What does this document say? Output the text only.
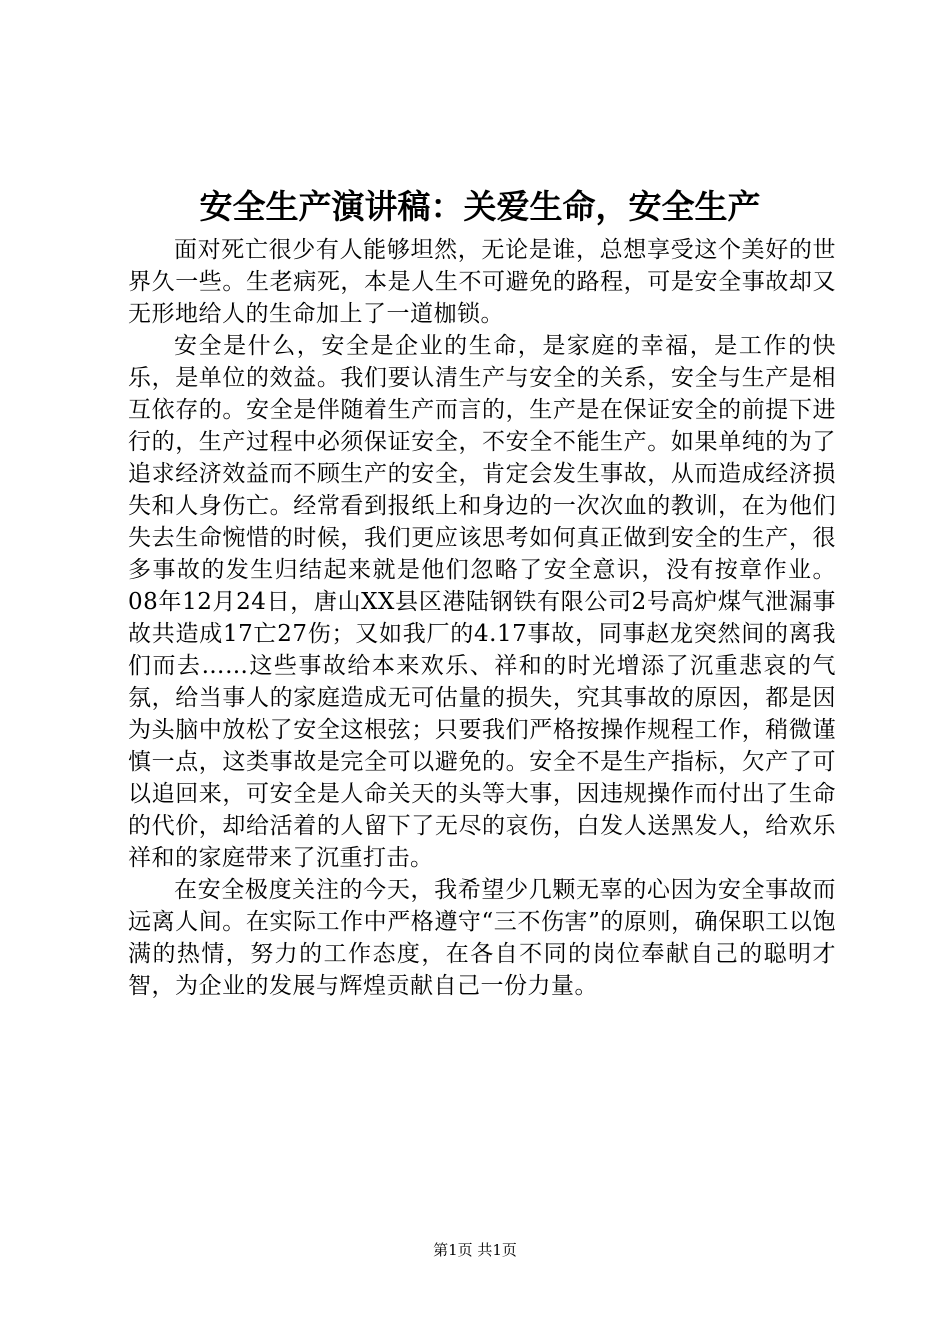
安全生产演讲稿：关爱生命，安全生产

面对死亡很少有人能够坦然，无论是谁，总想享受这个美好的世界久一些。生老病死，本是人生不可避免的路程，可是安全事故却又无形地给人的生命加上了一道枷锁。

安全是什么，安全是企业的生命，是家庭的幸福，是工作的快乐，是单位的效益。我们要认清生产与安全的关系，安全与生产是相互依存的。安全是伴随着生产而言的，生产是在保证安全的前提下进行的，生产过程中必须保证安全，不安全不能生产。如果单纯的为了追求经济效益而不顾生产的安全，肯定会发生事故，从而造成经济损失和人身伤亡。经常看到报纸上和身边的一次次血的教训，在为他们失去生命惋惜的时候，我们更应该思考如何真正做到安全的生产，很多事故的发生归结起来就是他们忽略了安全意识，没有按章作业。08年12月24日，唐山XX县区港陆钢铁有限公司2号高炉煤气泄漏事故共造成17亡27伤；又如我厂的4.17事故，同事赵龙突然间的离我们而去……这些事故给本来欢乐、祥和的时光增添了沉重悲哀的气氛，给当事人的家庭造成无可估量的损失，究其事故的原因，都是因为头脑中放松了安全这根弦；只要我们严格按操作规程工作，稍微谨慎一点，这类事故是完全可以避免的。安全不是生产指标，欠产了可以追回来，可安全是人命关天的头等大事，因违规操作而付出了生命的代价，却给活着的人留下了无尽的哀伤，白发人送黑发人，给欢乐祥和的家庭带来了沉重打击。

在安全极度关注的今天，我希望少几颗无辜的心因为安全事故而远离人间。在实际工作中严格遵守“三不伤害”的原则，确保职工以饱满的热情，努力的工作态度，在各自不同的岗位奉献自己的聪明才智，为企业的发展与辉煌贡献自己一份力量。

第1页 共1页
